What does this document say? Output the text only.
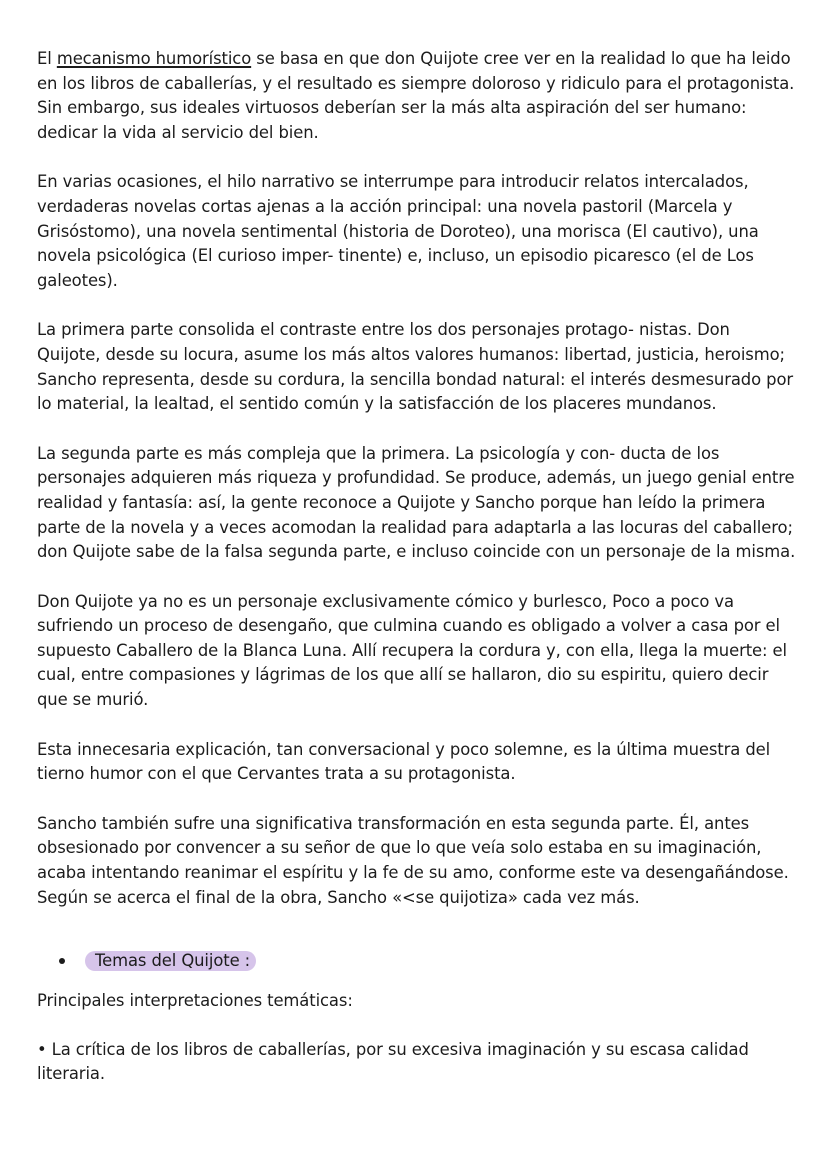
El mecanismo humorístico se basa en que don Quijote cree ver en la realidad lo que ha leido en los libros de caballerías, y el resultado es siempre doloroso y ridiculo para el protagonista. Sin embargo, sus ideales virtuosos deberían ser la más alta aspiración del ser humano: dedicar la vida al servicio del bien.

En varias ocasiones, el hilo narrativo se interrumpe para introducir relatos intercalados, verdaderas novelas cortas ajenas a la acción principal: una novela pastoril (Marcela y Grisóstomo), una novela sentimental (historia de Doroteo), una morisca (El cautivo), una novela psicológica (El curioso imper- tinente) e, incluso, un episodio picaresco (el de Los galeotes).

La primera parte consolida el contraste entre los dos personajes protago- nistas. Don Quijote, desde su locura, asume los más altos valores humanos: libertad, justicia, heroismo; Sancho representa, desde su cordura, la sencilla bondad natural: el interés desmesurado por lo material, la lealtad, el sentido común y la satisfacción de los placeres mundanos.

La segunda parte es más compleja que la primera. La psicología y con- ducta de los personajes adquieren más riqueza y profundidad. Se produce, además, un juego genial entre realidad y fantasía: así, la gente reconoce a Quijote y Sancho porque han leído la primera parte de la novela y a veces acomodan la realidad para adaptarla a las locuras del caballero; don Quijote sabe de la falsa segunda parte, e incluso coincide con un personaje de la misma.

Don Quijote ya no es un personaje exclusivamente cómico y burlesco, Poco a poco va sufriendo un proceso de desengaño, que culmina cuando es obligado a volver a casa por el supuesto Caballero de la Blanca Luna. Allí recupera la cordura y, con ella, llega la muerte: el cual, entre compasiones y lágrimas de los que allí se hallaron, dio su espiritu, quiero decir que se murió.

Esta innecesaria explicación, tan conversacional y poco solemne, es la última muestra del tierno humor con el que Cervantes trata a su protagonista.

Sancho también sufre una significativa transformación en esta segunda parte. Él, antes obsesionado por convencer a su señor de que lo que veía solo estaba en su imaginación, acaba intentando reanimar el espíritu y la fe de su amo, conforme este va desengañándose. Según se acerca el final de la obra, Sancho «<se quijotiza» cada vez más.

Temas del Quijote :

Principales interpretaciones temáticas:

• La crítica de los libros de caballerías, por su excesiva imaginación y su escasa calidad literaria.
